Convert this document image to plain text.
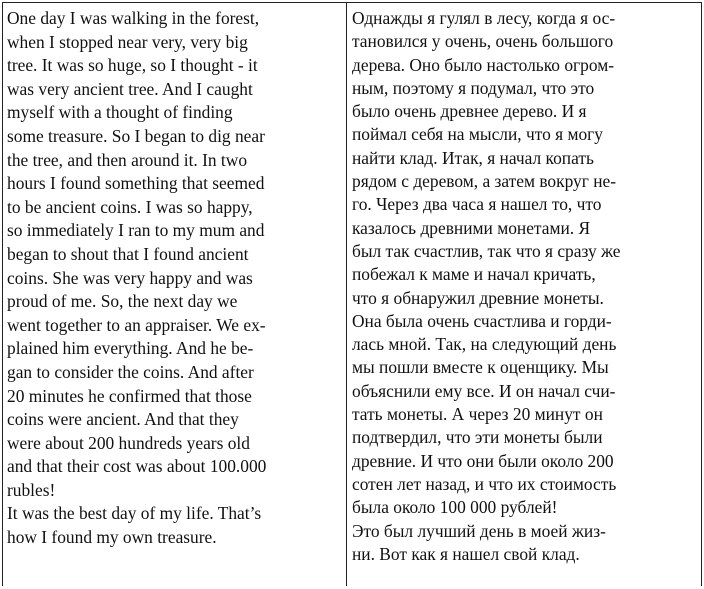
One day I was walking in the forest,
when I stopped near very, very big
tree. It was so huge, so I thought - it
was very ancient tree. And I caught
myself with a thought of finding
some treasure. So I began to dig near
the tree, and then around it. In two
hours I found something that seemed
to be ancient coins. I was so happy,
so immediately I ran to my mum and
began to shout that I found ancient
coins. She was very happy and was
proud of me. So, the next day we
went together to an appraiser. We ex-
plained him everything. And he be-
gan to consider the coins. And after
20 minutes he confirmed that those
coins were ancient. And that they
were about 200 hundreds years old
and that their cost was about 100.000
rubles!

It was the best day of my life. That’s
how I found my own treasure.

Однажды я гулял в лесу, когда я ос-
тановился у очень, очень большого
дерева. Оно было настолько огром-
ным, поэтому я подумал, что это
было очень древнее дерево. И я
поймал себя на мысли, что я могу
найти клад. Итак, я начал копать
рядом с деревом, а затем вокруг не-
го. Через два часа я нашел то, что
казалось древними монетами. Я
был так счастлив, так что я сразу же
побежал к маме и начал кричать,
что я обнаружил древние монеты.
Она была очень счастлива и горди-
лась мной. Так, на следующий день
мы пошли вместе к оценщику. Мы
объяснили ему все. И он начал счи-
тать монеты. А через 20 минут он
подтвердил, что эти монеты были
древние. И что они были около 200
сотен лет назад, и что их стоимость
была около 100 000 рублей!

Это был лучший день в моей жиз-
ни. Вот как я нашел свой клад.
